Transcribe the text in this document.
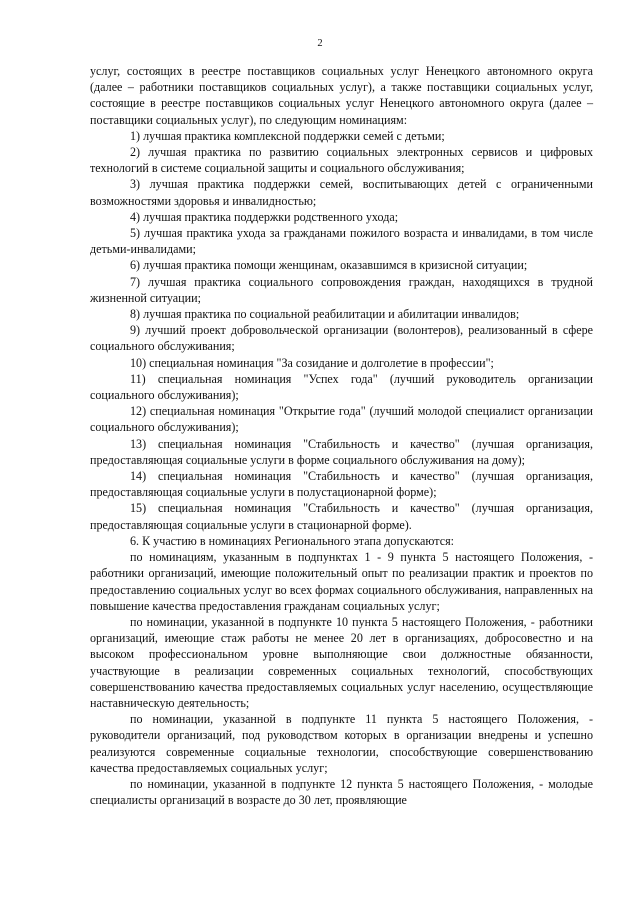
2

услуг, состоящих в реестре поставщиков социальных услуг Ненецкого автономного округа (далее – работники поставщиков социальных услуг), а также поставщики социальных услуг, состоящие в реестре поставщиков социальных услуг Ненецкого автономного округа (далее – поставщики социальных услуг), по следующим номинациям:

1) лучшая практика комплексной поддержки семей с детьми;

2) лучшая практика по развитию социальных электронных сервисов и цифровых технологий в системе социальной защиты и социального обслуживания;

3) лучшая практика поддержки семей, воспитывающих детей с ограниченными возможностями здоровья и инвалидностью;

4) лучшая практика поддержки родственного ухода;

5) лучшая практика ухода за гражданами пожилого возраста и инвалидами, в том числе детьми-инвалидами;

6) лучшая практика помощи женщинам, оказавшимся в кризисной ситуации;

7) лучшая практика социального сопровождения граждан, находящихся в трудной жизненной ситуации;

8) лучшая практика по социальной реабилитации и абилитации инвалидов;

9) лучший проект добровольческой организации (волонтеров), реализованный в сфере социального обслуживания;

10) специальная номинация "За созидание и долголетие в профессии";

11) специальная номинация "Успех года" (лучший руководитель организации социального обслуживания);

12) специальная номинация "Открытие года" (лучший молодой специалист организации социального обслуживания);

13) специальная номинация "Стабильность и качество" (лучшая организация, предоставляющая социальные услуги в форме социального обслуживания на дому);

14) специальная номинация "Стабильность и качество" (лучшая организация, предоставляющая социальные услуги в полустационарной форме);

15) специальная номинация "Стабильность и качество" (лучшая организация, предоставляющая социальные услуги в стационарной форме).

6. К участию в номинациях Регионального этапа допускаются:

по номинациям, указанным в подпунктах 1 - 9 пункта 5 настоящего Положения, - работники организаций, имеющие положительный опыт по реализации практик и проектов по предоставлению социальных услуг во всех формах социального обслуживания, направленных на повышение качества предоставления гражданам социальных услуг;

по номинации, указанной в подпункте 10 пункта 5 настоящего Положения, - работники организаций, имеющие стаж работы не менее 20 лет в организациях, добросовестно и на высоком профессиональном уровне выполняющие свои должностные обязанности, участвующие в реализации современных социальных технологий, способствующих совершенствованию качества предоставляемых социальных услуг населению, осуществляющие наставническую деятельность;

по номинации, указанной в подпункте 11 пункта 5 настоящего Положения, - руководители организаций, под руководством которых в организации внедрены и успешно реализуются современные социальные технологии, способствующие совершенствованию качества предоставляемых социальных услуг;

по номинации, указанной в подпункте 12 пункта 5 настоящего Положения, - молодые специалисты организаций в возрасте до 30 лет, проявляющие
